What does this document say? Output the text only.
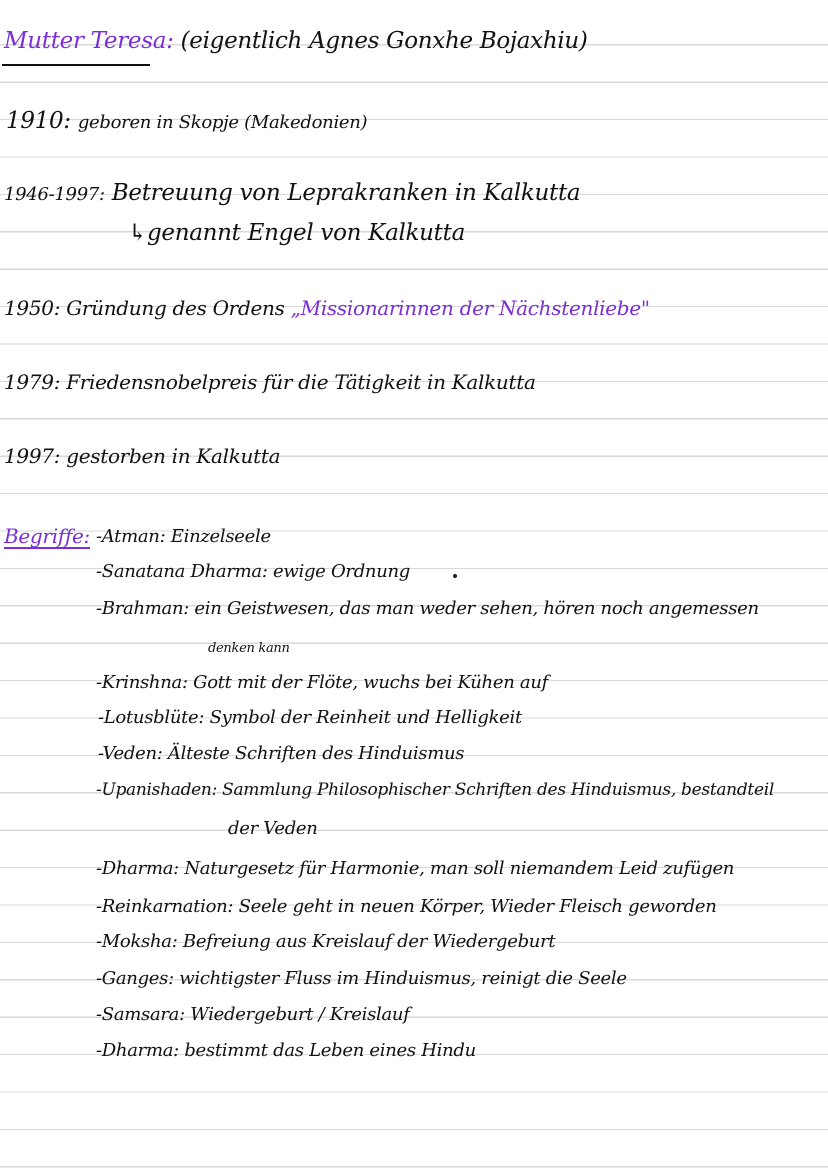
Mutter Teresa: (eigentlich Agnes Gonxhe Bojaxhiu)
1910: geboren in Skopje (Makedonien)
1946-1997: Betreuung von Leprakranken in Kalkutta
↳genannt Engel von Kalkutta
1950: Gründung des Ordens „Missionarinnen der Nächstenliebe"
1979: Friedensnobelpreis für die Tätigkeit in Kalkutta
1997: gestorben in Kalkutta
Begriffe: -Atman: Einzelseele
-Sanatana Dharma: ewige Ordnung
-Brahman: ein Geistwesen, das man weder sehen, hören noch angemessen
denken kann
-Krinshna: Gott mit der Flöte, wuchs bei Kühen auf
-Lotusblüte: Symbol der Reinheit und Helligkeit
-Veden: Älteste Schriften des Hinduismus
-Upanishaden: Sammlung Philosophischer Schriften des Hinduismus, bestandteil
der Veden
-Dharma: Naturgesetz für Harmonie, man soll niemandem Leid zufügen
-Reinkarnation: Seele geht in neuen Körper, Wieder Fleisch geworden
-Moksha: Befreiung aus Kreislauf der Wiedergeburt
-Ganges: wichtigster Fluss im Hinduismus, reinigt die Seele
-Samsara: Wiedergeburt / Kreislauf
-Dharma: bestimmt das Leben eines Hindu
